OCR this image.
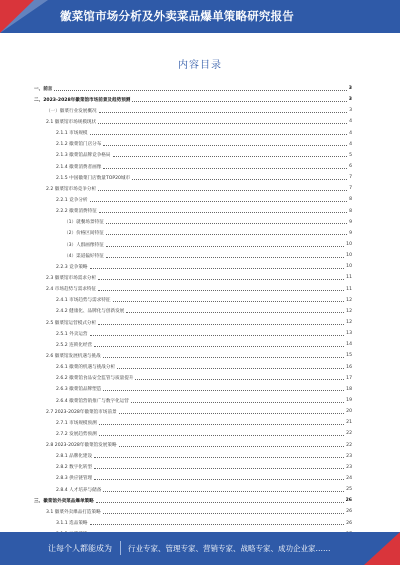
徽菜馆市场分析及外卖菜品爆单策略研究报告
内容目录
一、前言	3
二、2023-2028年徽菜馆市场前景及趋势预测	3
（一）徽菜行业发展概况	3
2.1 徽菜馆市场规模现状	4
2.1.1 市场规模	4
2.1.2 徽菜馆门店分布	4
2.1.3 徽菜馆品牌竞争格局	5
2.1.4 徽菜消费者画像	6
2.1.5 中国徽菜门店数量TOP20城市	7
2.2 徽菜馆市场竞争分析	7
2.2.1 竞争分析	8
2.2.2 徽菜消费特征	8
（1）就餐场景特征	9
（2）价格区间特征	9
（3）人群画像特征	10
（4）渠道偏好特征	10
2.2.3 竞争策略	10
2.3 徽菜馆市场需求分析	11
2.4 市场趋势与需求特征	11
2.4.1 市场趋势与需求特征	12
2.4.2 健康化、品牌化与创新发展	12
2.5 徽菜馆运营模式分析	12
2.5.1 外卖运营	13
2.5.2 连锁化经营	14
2.6 徽菜馆发展机遇与挑战	15
2.6.1 徽菜的机遇与挑战分析	16
2.6.2 徽菜馆食品安全监管与质量提升	17
2.6.3 徽菜馆品牌塑造	18
2.6.4 徽菜馆营销推广与数字化运营	19
2.7 2023-2028年徽菜馆市场前景	20
2.7.1 市场规模预测	21
2.7.2 发展趋势预测	22
2.8 2023-2028年徽菜馆发展策略	22
2.8.1 品牌化建设	23
2.8.2 数字化转型	23
2.8.3 供应链管理	24
2.8.4 人才培养与储备	25
三、徽菜馆外卖菜品爆单策略	26
3.1 徽菜外卖爆品打造策略	26
3.1.1 选品策略	26
让每个人都能成为 行业专家、管理专家、营销专家、战略专家、成功企业家……
